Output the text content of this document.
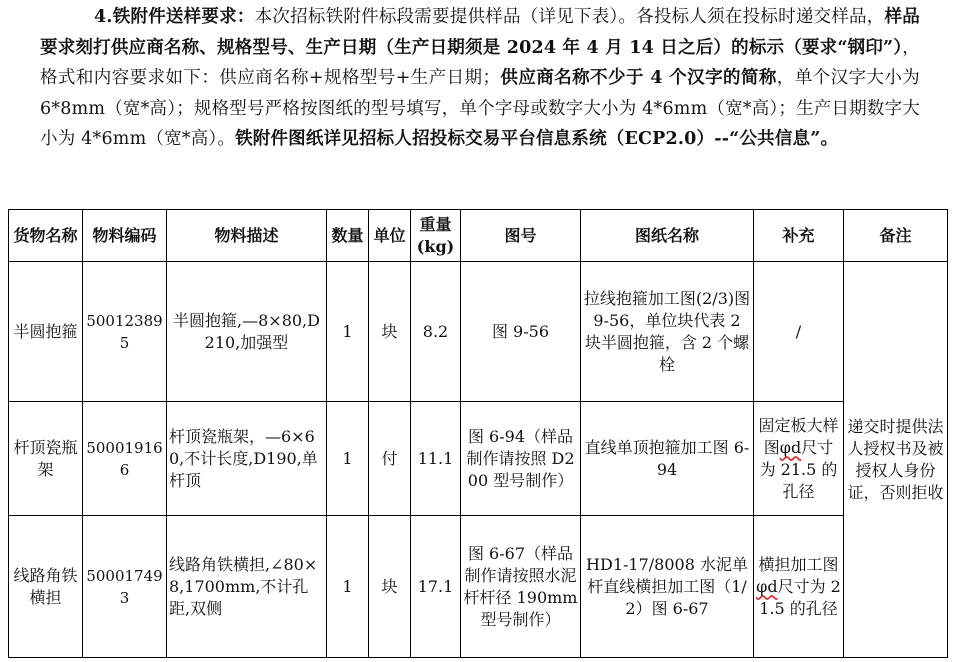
4.铁附件送样要求：本次招标铁附件标段需要提供样品（详见下表）。各投标人须在投标时递交样品，样品要求刻打供应商名称、规格型号、生产日期（生产日期须是 2024 年 4 月 14 日之后）的标示（要求“钢印”），格式和内容要求如下：供应商名称+规格型号+生产日期；供应商名称不少于 4 个汉字的简称，单个汉字大小为 6*8mm（宽*高）；规格型号严格按图纸的型号填写，单个字母或数字大小为 4*6mm（宽*高）；生产日期数字大小为 4*6mm（宽*高）。铁附件图纸详见招标人招投标交易平台信息系统（ECP2.0）--“公共信息”。
货物名称	物料编码	物料描述	数量	单位	重量(kg)	图号	图纸名称	补充	备注
半圆抱箍	500123895	半圆抱箍,—8×80,D210,加强型	1	块	8.2	图 9-56	拉线抱箍加工图(2/3)图 9-56，单位块代表 2 块半圆抱箍，含 2 个螺栓	/	递交时提供法人授权书及被授权人身份证，否则拒收
杆顶瓷瓶架	500019166	杆顶瓷瓶架，—6×60,不计长度,D190,单杆顶	1	付	11.1	图 6-94（样品制作请按照 D200 型号制作）	直线单顶抱箍加工图 6-94	固定板大样图φd尺寸为 21.5 的孔径	
线路角铁横担	500017493	线路角铁横担,∠80×8,1700mm,不计孔距,双侧	1	块	17.1	图 6-67（样品制作请按照水泥杆杆径 190mm 型号制作）	HD1-17/8008 水泥单杆直线横担加工图（1/2）图 6-67	横担加工图φd尺寸为 21.5 的孔径	
